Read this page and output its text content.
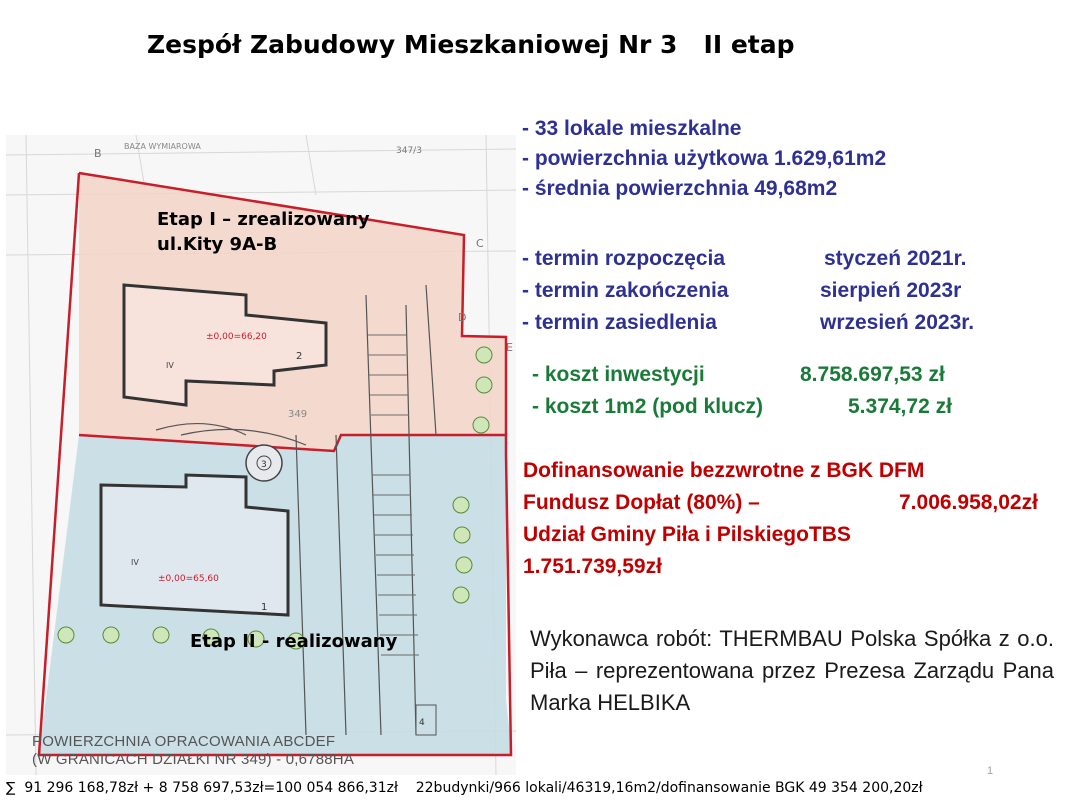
Zespół Zabudowy Mieszkaniowej Nr 3   II etap
B
BAZA WYMIAROWA	347/3
C
D
E
±0,00=66,20
2
IV
349
3
±0,00=65,60
IV
1
4
Etap I – zrealizowany
ul.Kity 9A-B
Etap II - realizowany
POWIERZCHNIA OPRACOWANIA ABCDEF
(W GRANICACH DZIAŁKI NR 349) - 0,6788HA
- 33 lokale mieszkalne
- powierzchnia użytkowa 1.629,61m2
- średnia powierzchnia 49,68m2
- termin rozpoczęcia	styczeń 2021r.
- termin zakończenia	sierpień 2023r
- termin zasiedlenia	wrzesień 2023r.
- koszt inwestycji	8.758.697,53 zł
- koszt 1m2 (pod klucz)	5.374,72 zł
Dofinansowanie bezzwrotne z BGK DFM
Fundusz Dopłat (80%) –	7.006.958,02zł
Udział Gminy Piła i PilskiegoTBS
1.751.739,59zł
Wykonawca robót: THERMBAU Polska Spółka z o.o. Piła – reprezentowana przez Prezesa Zarządu Pana Marka HELBIKA
∑  91 296 168,78zł + 8 758 697,53zł=100 054 866,31zł    22budynki/966 lokali/46319,16m2/dofinansowanie BGK 49 354 200,20zł
1
